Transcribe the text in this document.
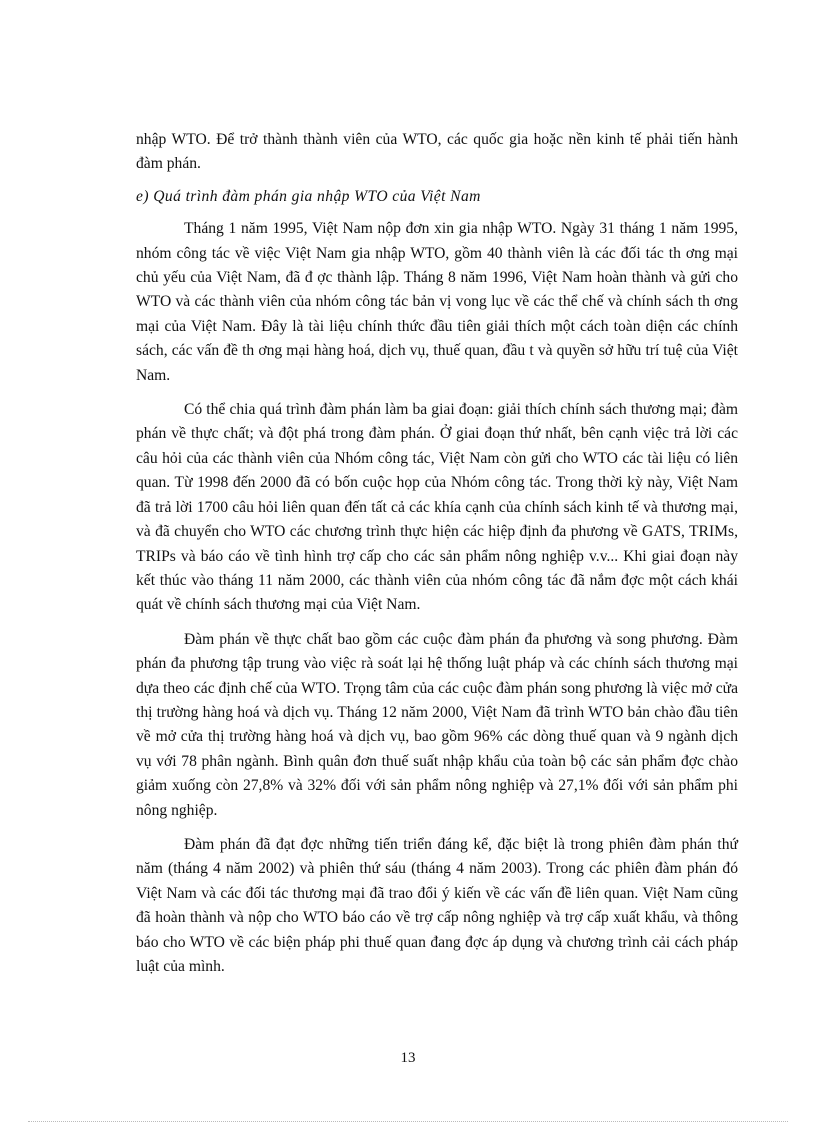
nhập WTO. Để trở thành thành viên của WTO, các quốc gia hoặc nền kinh tế phải tiến hành đàm phán.

e) Quá trình đàm phán gia nhập WTO của Việt Nam

Tháng 1 năm 1995, Việt Nam nộp đơn xin gia nhập WTO. Ngày 31 tháng 1 năm 1995, nhóm công tác về việc Việt Nam gia nhập WTO, gồm 40 thành viên là các đối tác th ơng mại chủ yếu của Việt Nam, đã đ ợc thành lập. Tháng 8 năm 1996, Việt Nam hoàn thành và gửi cho WTO và các thành viên của nhóm công tác bản vị vong lục về các thể chế và chính sách th ơng mại của Việt Nam. Đây là tài liệu chính thức đầu tiên giải thích một cách toàn diện các chính sách, các vấn đề th ơng mại hàng hoá, dịch vụ, thuế quan, đầu t và quyền sở hữu trí tuệ của Việt Nam.

Có thể chia quá trình đàm phán làm ba giai đoạn: giải thích chính sách thương mại; đàm phán về thực chất; và đột phá trong đàm phán. Ở giai đoạn thứ nhất, bên cạnh việc trả lời các câu hỏi của các thành viên của Nhóm công tác, Việt Nam còn gửi cho WTO các tài liệu có liên quan. Từ 1998 đến 2000 đã có bốn cuộc họp của Nhóm công tác. Trong thời kỳ này, Việt Nam đã trả lời 1700 câu hỏi liên quan đến tất cả các khía cạnh của chính sách kinh tế và thương mại, và đã chuyển cho WTO các chương trình thực hiện các hiệp định đa phương về GATS, TRIMs, TRIPs và báo cáo về tình hình trợ cấp cho các sản phẩm nông nghiệp v.v... Khi giai đoạn này kết thúc vào tháng 11 năm 2000, các thành viên của nhóm công tác đã nắm đợc một cách khái quát về chính sách thương mại của Việt Nam.

Đàm phán về thực chất bao gồm các cuộc đàm phán đa phương và song phương. Đàm phán đa phương tập trung vào việc rà soát lại hệ thống luật pháp và các chính sách thương mại dựa theo các định chế của WTO. Trọng tâm của các cuộc đàm phán song phương là việc mở cửa thị trường hàng hoá và dịch vụ. Tháng 12 năm 2000, Việt Nam đã trình WTO bản chào đầu tiên về mở cửa thị trường hàng hoá và dịch vụ, bao gồm 96% các dòng thuế quan và 9 ngành dịch vụ với 78 phân ngành. Bình quân đơn thuế suất nhập khẩu của toàn bộ các sản phẩm đợc chào giảm xuống còn 27,8% và 32% đối với sản phẩm nông nghiệp và 27,1% đối với sản phẩm phi nông nghiệp.

Đàm phán đã đạt đợc những tiến triển đáng kể, đặc biệt là trong phiên đàm phán thứ năm (tháng 4 năm 2002) và phiên thứ sáu (tháng 4 năm 2003). Trong các phiên đàm phán đó Việt Nam và các đối tác thương mại đã trao đổi ý kiến về các vấn đề liên quan. Việt Nam cũng đã hoàn thành và nộp cho WTO báo cáo về trợ cấp nông nghiệp và trợ cấp xuất khẩu, và thông báo cho WTO về các biện pháp phi thuế quan đang đợc áp dụng và chương trình cải cách pháp luật của mình.

13
